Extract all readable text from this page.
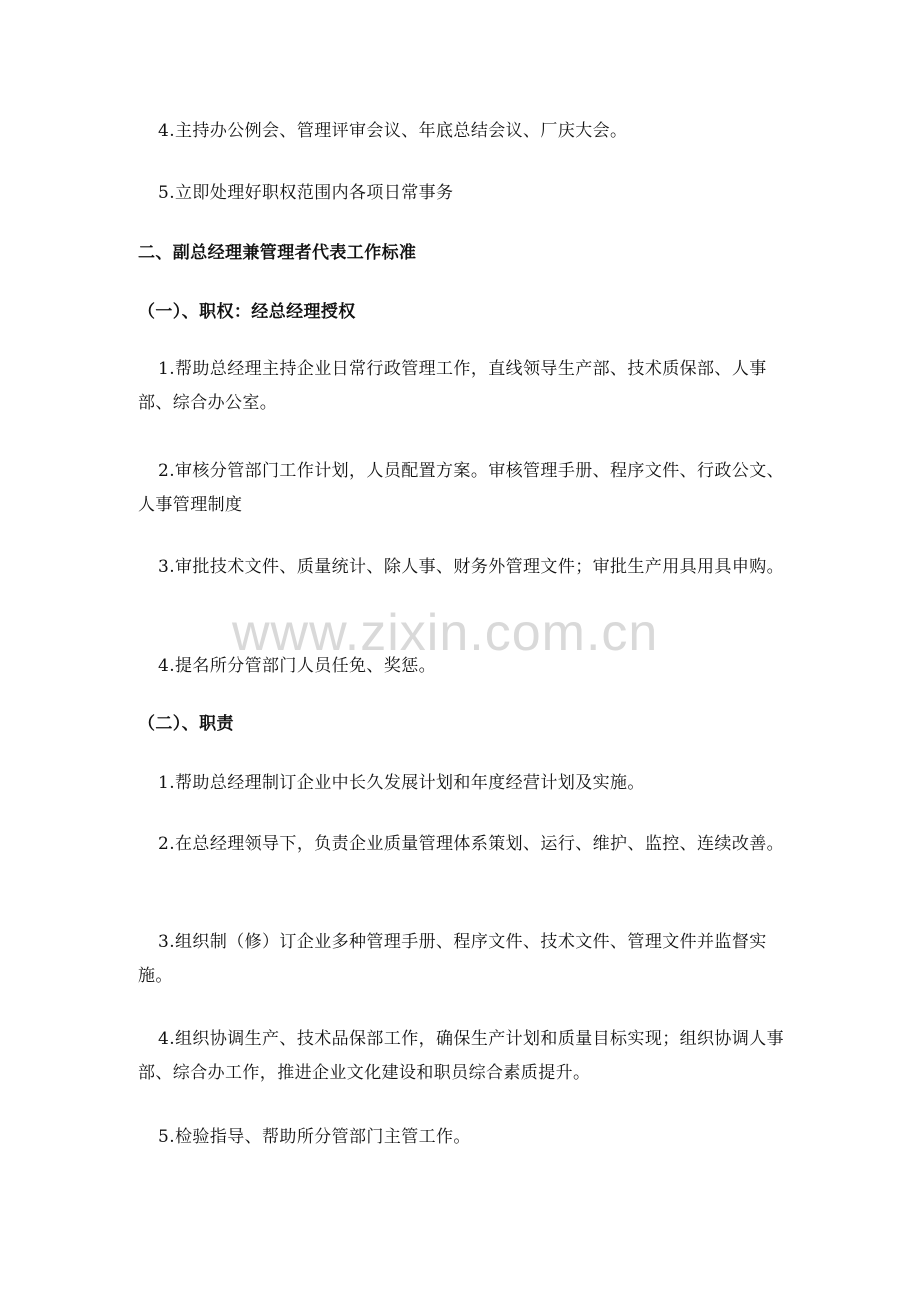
4.主持办公例会、管理评审会议、年底总结会议、厂庆大会。

5.立即处理好职权范围内各项日常事务

二、副总经理兼管理者代表工作标准

（一）、职权：经总经理授权

1.帮助总经理主持企业日常行政管理工作，直线领导生产部、技术质保部、人事部、综合办公室。

2.审核分管部门工作计划，人员配置方案。审核管理手册、程序文件、行政公文、人事管理制度

3.审批技术文件、质量统计、除人事、财务外管理文件；审批生产用具用具申购。

4.提名所分管部门人员任免、奖惩。

（二）、职责

1.帮助总经理制订企业中长久发展计划和年度经营计划及实施。

2.在总经理领导下，负责企业质量管理体系策划、运行、维护、监控、连续改善。

3.组织制（修）订企业多种管理手册、程序文件、技术文件、管理文件并监督实施。

4.组织协调生产、技术品保部工作，确保生产计划和质量目标实现；组织协调人事部、综合办工作，推进企业文化建设和职员综合素质提升。

5.检验指导、帮助所分管部门主管工作。

www.zixin.com.cn
